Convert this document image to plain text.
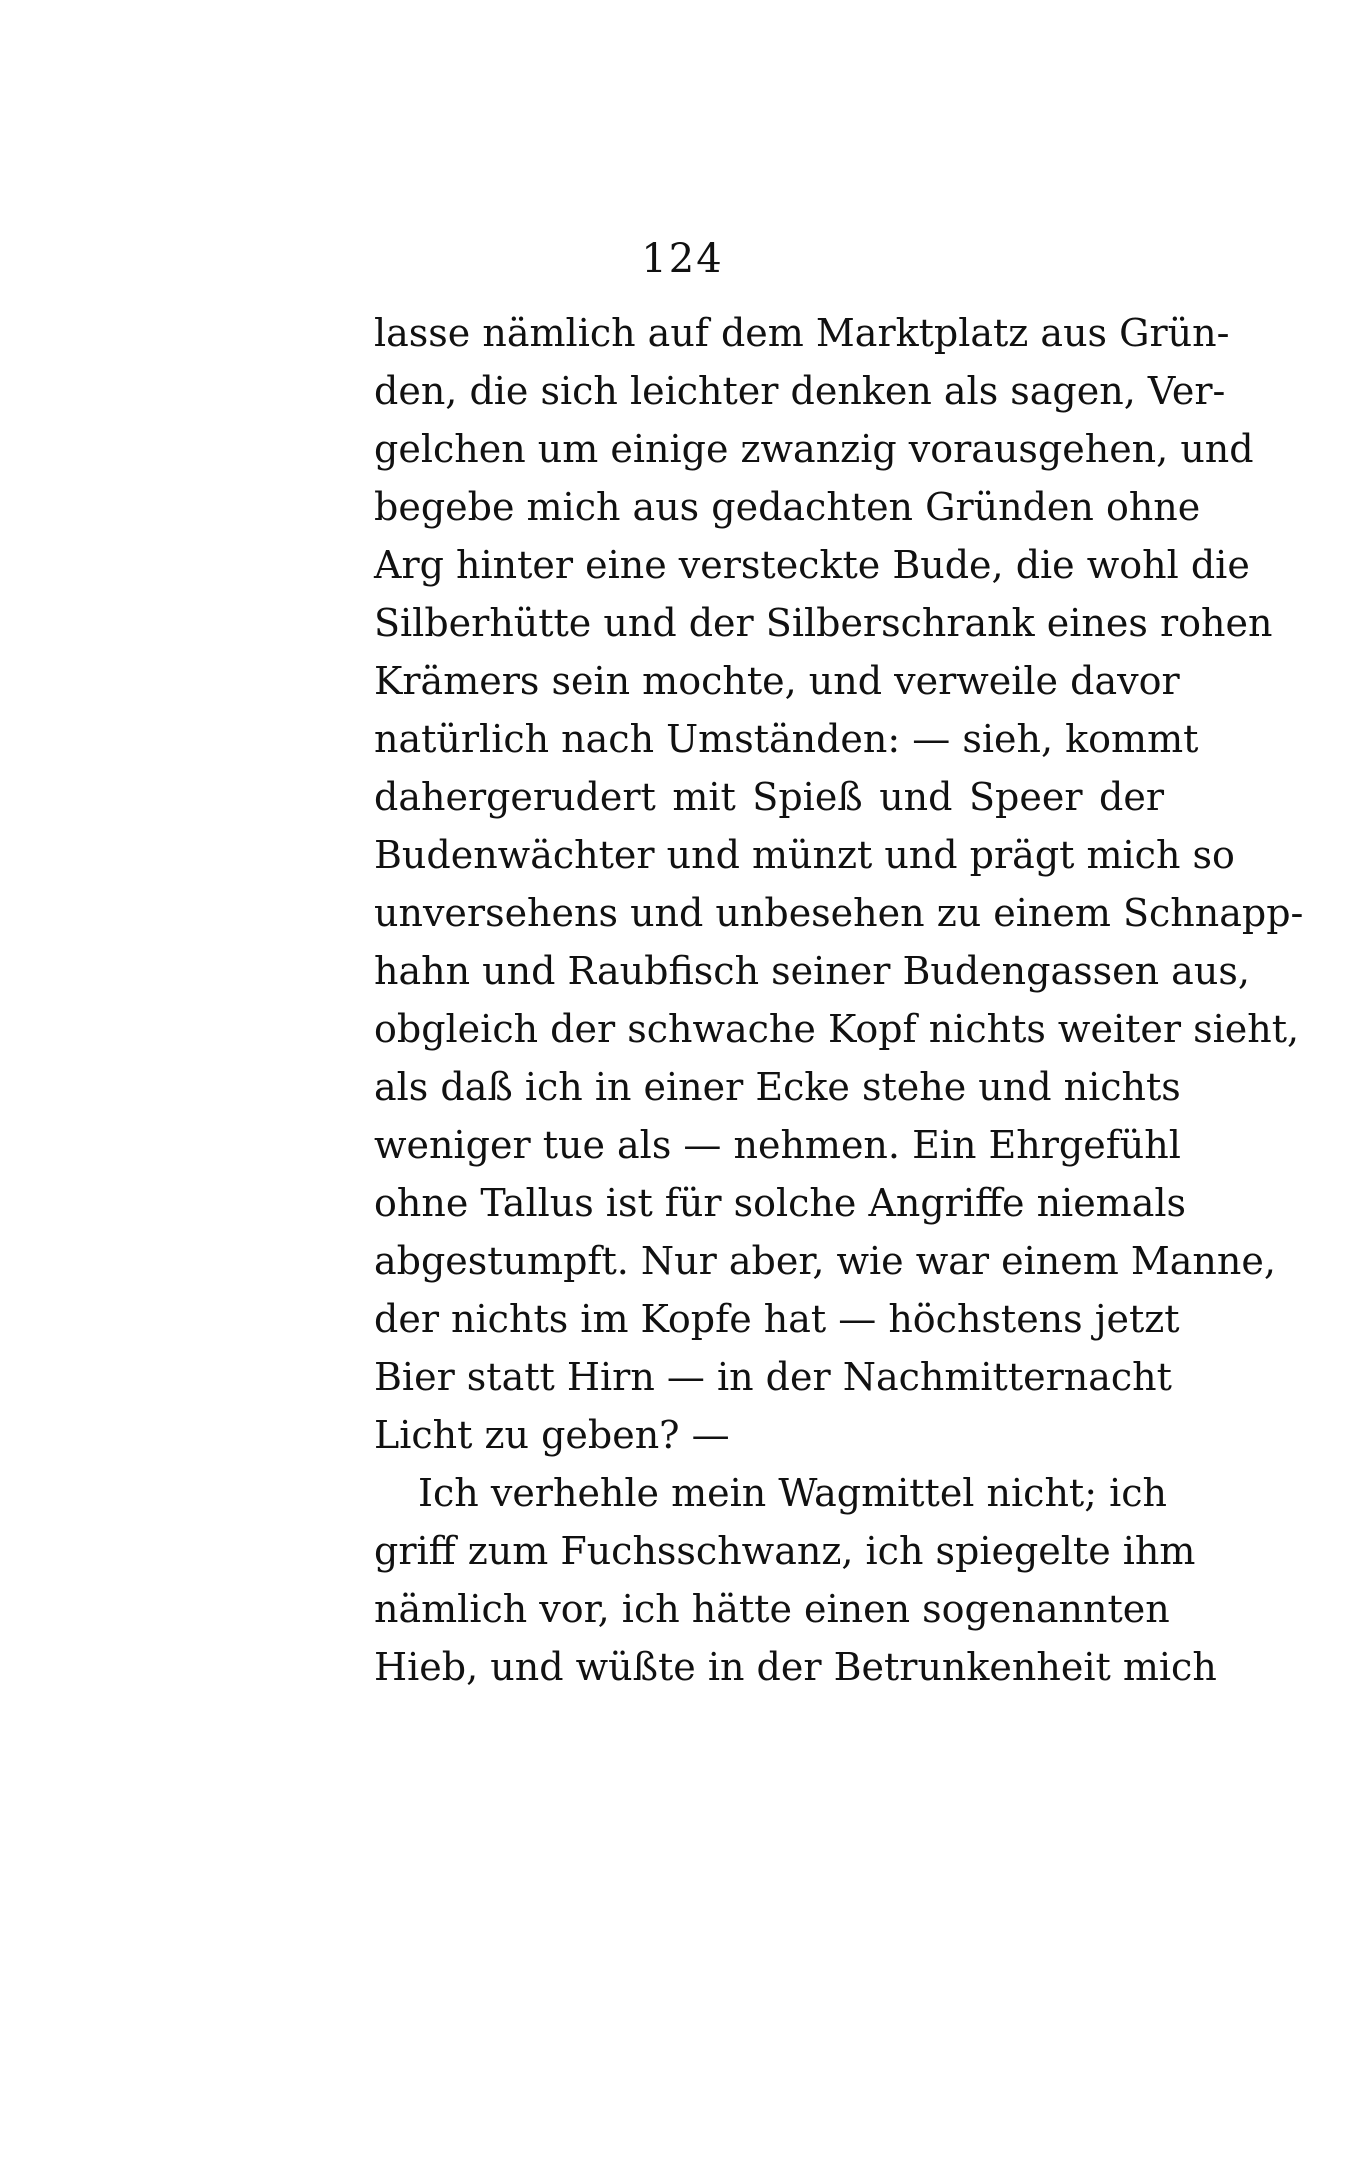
124
lasse nämlich auf dem Marktplatz aus Grün-
den, die sich leichter denken als sagen, Ver-
gelchen um einige zwanzig vorausgehen, und
begebe mich aus gedachten Gründen ohne
Arg hinter eine versteckte Bude, die wohl die
Silberhütte und der Silberschrank eines rohen
Krämers sein mochte, und verweile davor
natürlich nach Umständen: — sieh, kommt
dahergerudert mit Spieß und Speer der
Budenwächter und münzt und prägt mich so
unversehens und unbesehen zu einem Schnapp-
hahn und Raubfisch seiner Budengassen aus,
obgleich der schwache Kopf nichts weiter sieht,
als daß ich in einer Ecke stehe und nichts
weniger tue als — nehmen. Ein Ehrgefühl
ohne Tallus ist für solche Angriffe niemals
abgestumpft. Nur aber, wie war einem Manne,
der nichts im Kopfe hat — höchstens jetzt
Bier statt Hirn — in der Nachmitternacht
Licht zu geben? —
Ich verhehle mein Wagmittel nicht; ich
griff zum Fuchsschwanz, ich spiegelte ihm
nämlich vor, ich hätte einen sogenannten
Hieb, und wüßte in der Betrunkenheit mich
